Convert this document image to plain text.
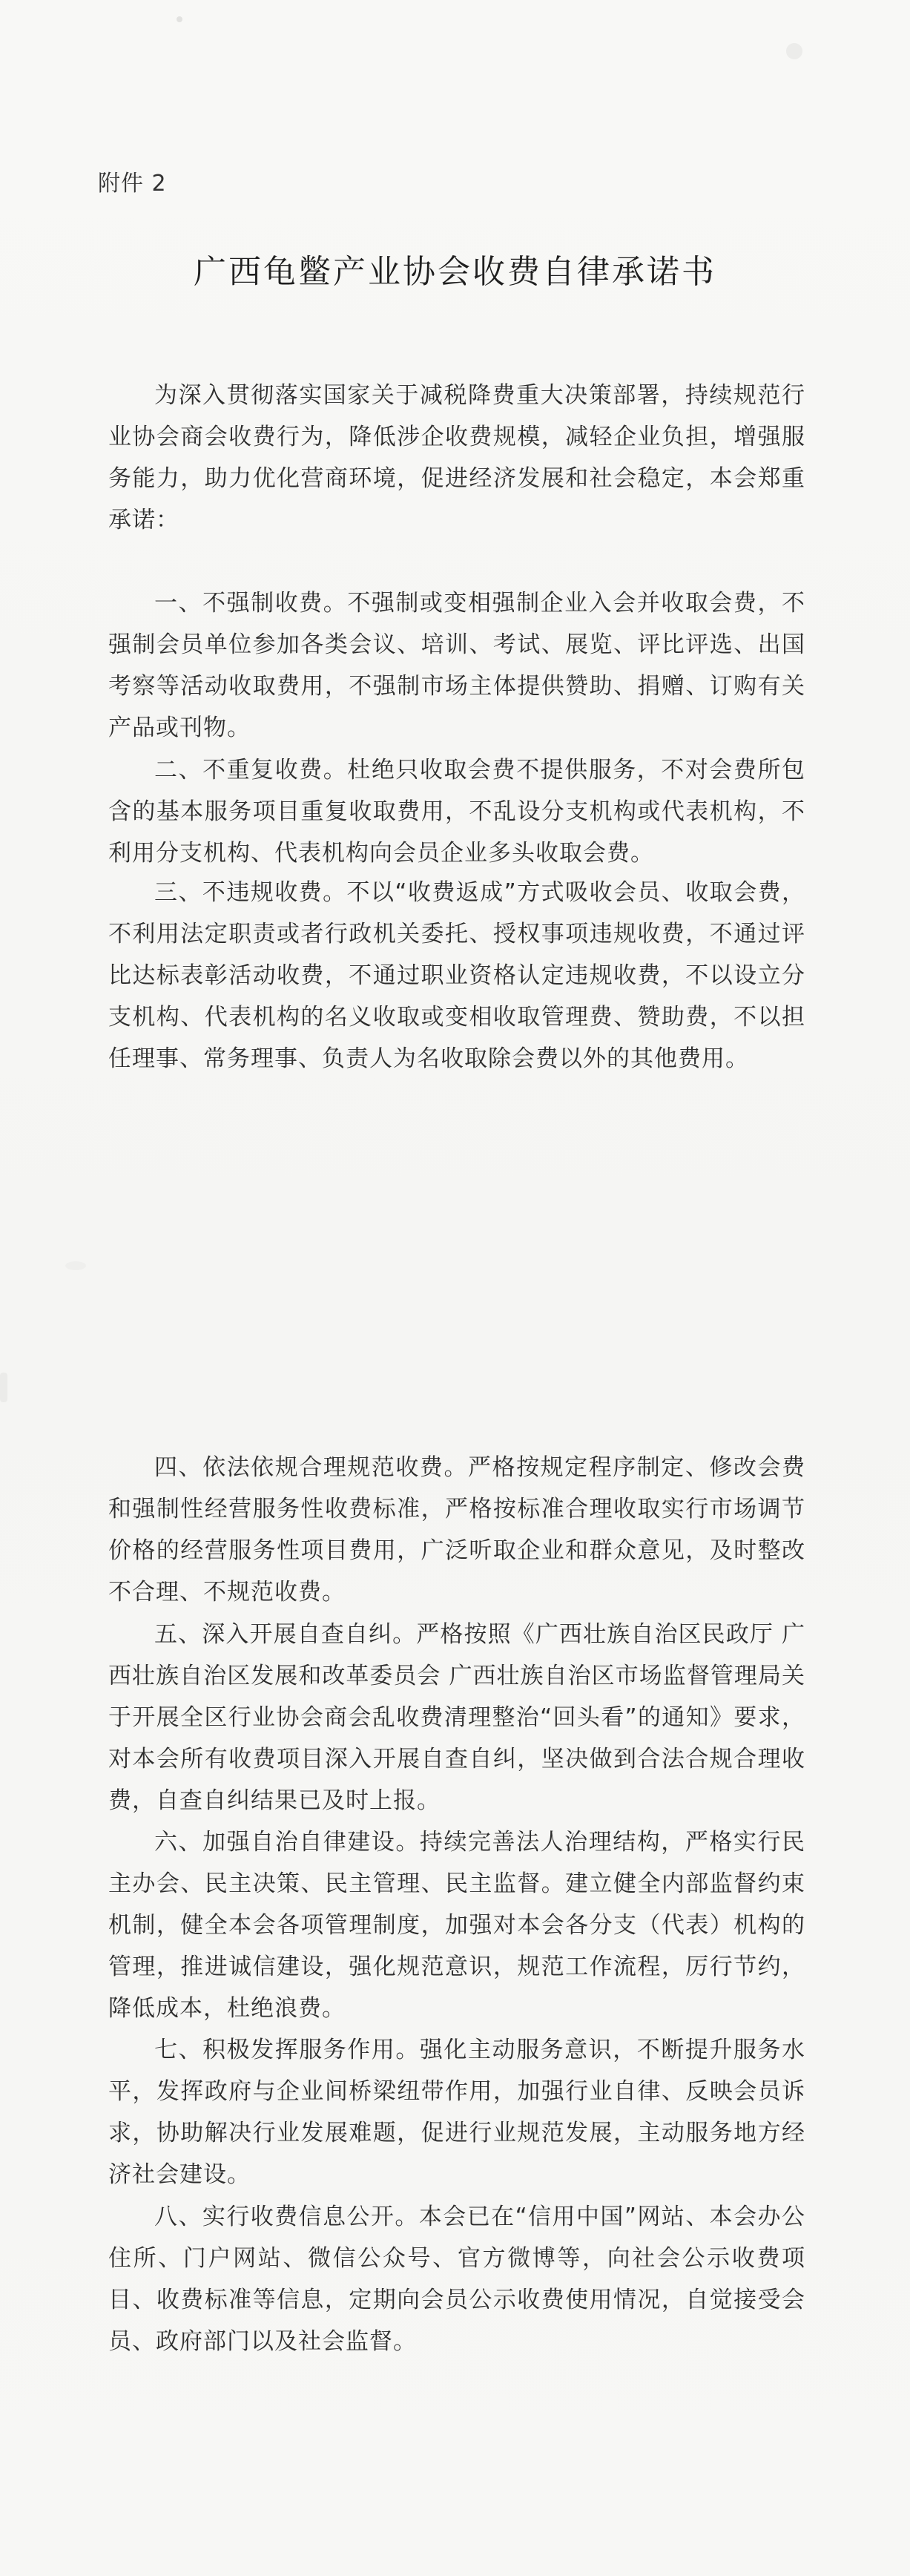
附件 2
广西龟鳖产业协会收费自律承诺书

为深入贯彻落实国家关于减税降费重大决策部署，持续规范行业协会商会收费行为，降低涉企收费规模，减轻企业负担，增强服务能力，助力优化营商环境，促进经济发展和社会稳定，本会郑重承诺：

一、不强制收费。不强制或变相强制企业入会并收取会费，不强制会员单位参加各类会议、培训、考试、展览、评比评选、出国考察等活动收取费用，不强制市场主体提供赞助、捐赠、订购有关产品或刊物。

二、不重复收费。杜绝只收取会费不提供服务，不对会费所包含的基本服务项目重复收取费用，不乱设分支机构或代表机构，不利用分支机构、代表机构向会员企业多头收取会费。

三、不违规收费。不以“收费返成”方式吸收会员、收取会费，不利用法定职责或者行政机关委托、授权事项违规收费，不通过评比达标表彰活动收费，不通过职业资格认定违规收费，不以设立分支机构、代表机构的名义收取或变相收取管理费、赞助费，不以担任理事、常务理事、负责人为名收取除会费以外的其他费用。

四、依法依规合理规范收费。严格按规定程序制定、修改会费和强制性经营服务性收费标准，严格按标准合理收取实行市场调节价格的经营服务性项目费用，广泛听取企业和群众意见，及时整改不合理、不规范收费。

五、深入开展自查自纠。严格按照《广西壮族自治区民政厅 广西壮族自治区发展和改革委员会 广西壮族自治区市场监督管理局关于开展全区行业协会商会乱收费清理整治“回头看”的通知》要求，对本会所有收费项目深入开展自查自纠，坚决做到合法合规合理收费，自查自纠结果已及时上报。

六、加强自治自律建设。持续完善法人治理结构，严格实行民主办会、民主决策、民主管理、民主监督。建立健全内部监督约束机制，健全本会各项管理制度，加强对本会各分支（代表）机构的管理，推进诚信建设，强化规范意识，规范工作流程，厉行节约，降低成本，杜绝浪费。

七、积极发挥服务作用。强化主动服务意识，不断提升服务水平，发挥政府与企业间桥梁纽带作用，加强行业自律、反映会员诉求，协助解决行业发展难题，促进行业规范发展，主动服务地方经济社会建设。

八、实行收费信息公开。本会已在“信用中国”网站、本会办公住所、门户网站、微信公众号、官方微博等，向社会公示收费项目、收费标准等信息，定期向会员公示收费使用情况，自觉接受会员、政府部门以及社会监督。
